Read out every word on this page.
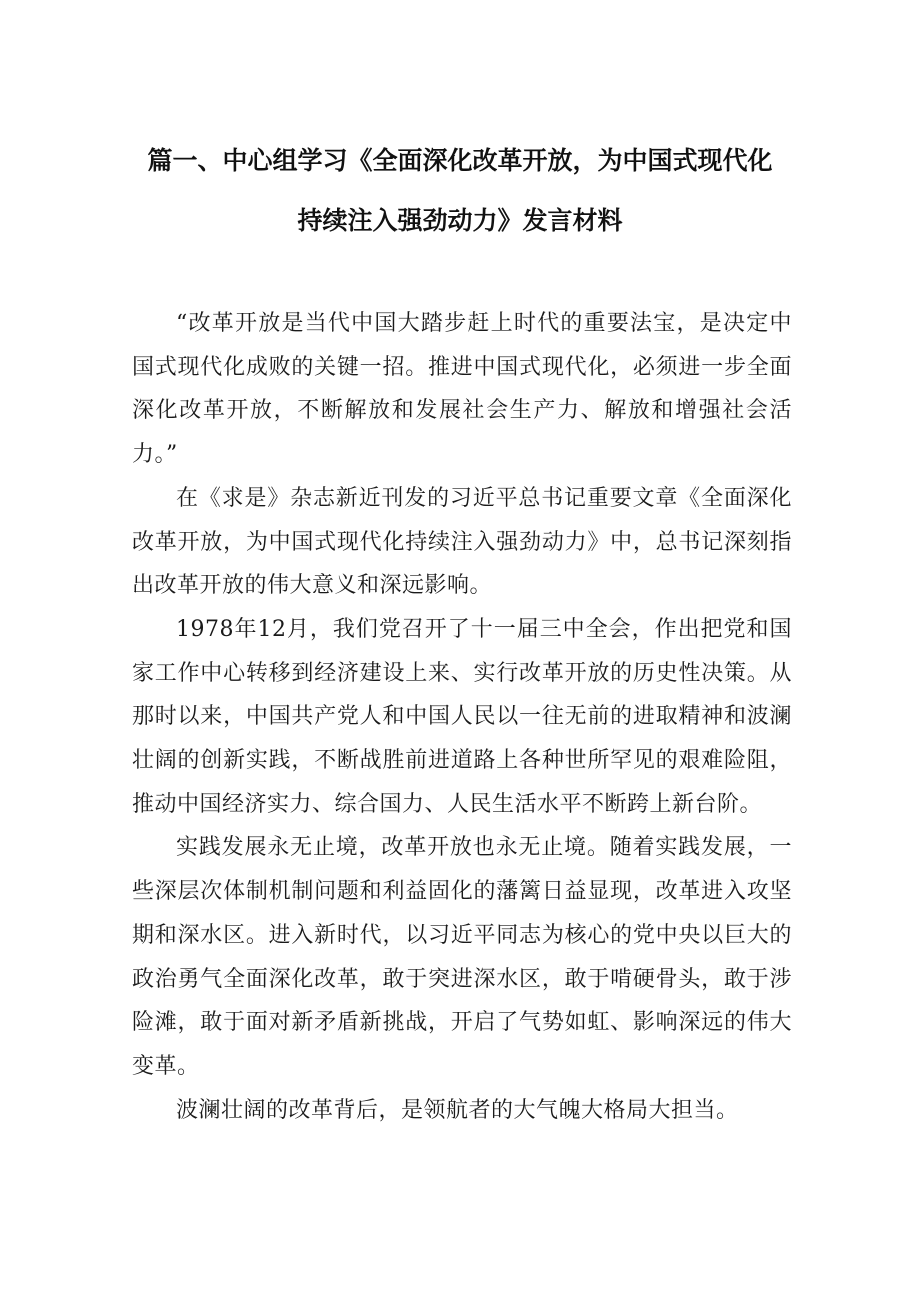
篇一、中心组学习《全面深化改革开放，为中国式现代化
持续注入强劲动力》发言材料

“改革开放是当代中国大踏步赶上时代的重要法宝，是决定中国式现代化成败的关键一招。推进中国式现代化，必须进一步全面深化改革开放，不断解放和发展社会生产力、解放和增强社会活力。”

在《求是》杂志新近刊发的习近平总书记重要文章《全面深化改革开放，为中国式现代化持续注入强劲动力》中，总书记深刻指出改革开放的伟大意义和深远影响。

1978年12月，我们党召开了十一届三中全会，作出把党和国家工作中心转移到经济建设上来、实行改革开放的历史性决策。从那时以来，中国共产党人和中国人民以一往无前的进取精神和波澜壮阔的创新实践，不断战胜前进道路上各种世所罕见的艰难险阻，推动中国经济实力、综合国力、人民生活水平不断跨上新台阶。

实践发展永无止境，改革开放也永无止境。随着实践发展，一些深层次体制机制问题和利益固化的藩篱日益显现，改革进入攻坚期和深水区。进入新时代，以习近平同志为核心的党中央以巨大的政治勇气全面深化改革，敢于突进深水区，敢于啃硬骨头，敢于涉险滩，敢于面对新矛盾新挑战，开启了气势如虹、影响深远的伟大变革。

波澜壮阔的改革背后，是领航者的大气魄大格局大担当。
